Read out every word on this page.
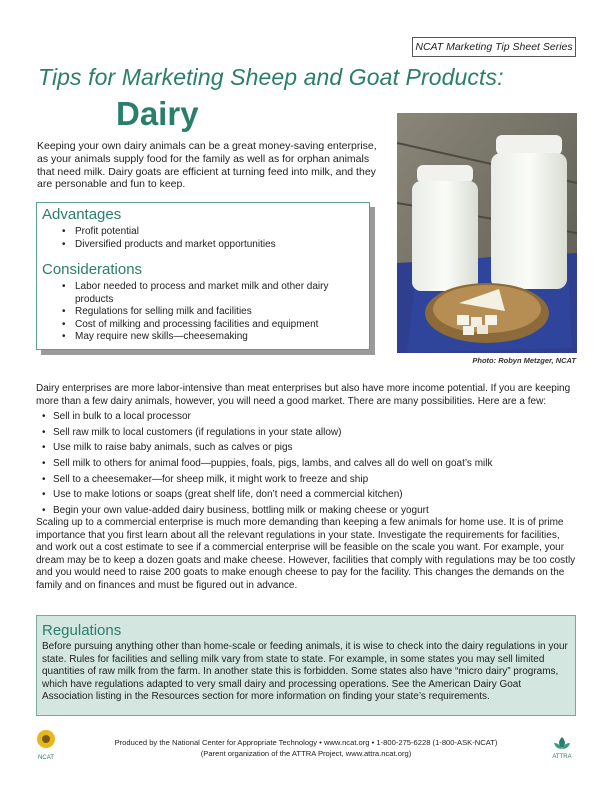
NCAT Marketing Tip Sheet Series
Tips for Marketing Sheep and Goat Products:
Dairy
Keeping your own dairy animals can be a great money-saving enterprise, as your animals supply food for the family as well as for orphan animals that need milk. Dairy goats are efficient at turning feed into milk, and they are personable and fun to keep.
Advantages
• Profit potential
• Diversified products and market opportunities
Considerations
• Labor needed to process and market milk and other dairy products
• Regulations for selling milk and facilities
• Cost of milking and processing facilities and equipment
• May require new skills—cheesemaking
Photo: Robyn Metzger, NCAT

Dairy enterprises are more labor-intensive than meat enterprises but also have more income potential. If you are keeping more than a few dairy animals, however, you will need a good market. There are many possibilities. Here are a few:

• Sell in bulk to a local processor
• Sell raw milk to local customers (if regulations in your state allow)
• Use milk to raise baby animals, such as calves or pigs
• Sell milk to others for animal food—puppies, foals, pigs, lambs, and calves all do well on goat’s milk
• Sell to a cheesemaker—for sheep milk, it might work to freeze and ship
• Use to make lotions or soaps (great shelf life, don’t need a commercial kitchen)
• Begin your own value-added dairy business, bottling milk or making cheese or yogurt

Scaling up to a commercial enterprise is much more demanding than keeping a few animals for home use. It is of prime importance that you first learn about all the relevant regulations in your state. Investigate the requirements for facilities, and work out a cost estimate to see if a commercial enterprise will be feasible on the scale you want. For example, your dream may be to keep a dozen goats and make cheese. However, facilities that comply with regulations may be too costly and you would need to raise 200 goats to make enough cheese to pay for the facility. This changes the demands on the family and on finances and must be figured out in advance.

Regulations
Before pursuing anything other than home-scale or feeding animals, it is wise to check into the dairy regulations in your state. Rules for facilities and selling milk vary from state to state. For example, in some states you may sell limited quantities of raw milk from the farm. In another state this is forbidden. Some states also have “micro dairy” programs, which have regulations adapted to very small dairy and processing operations. See the American Dairy Goat Association listing in the Resources section for more information on finding your state’s requirements.
NCAT
Produced by the National Center for Appropriate Technology • www.ncat.org • 1-800-275-6228 (1-800-ASK-NCAT)
(Parent organization of the ATTRA Project, www.attra.ncat.org)	ATTRA
